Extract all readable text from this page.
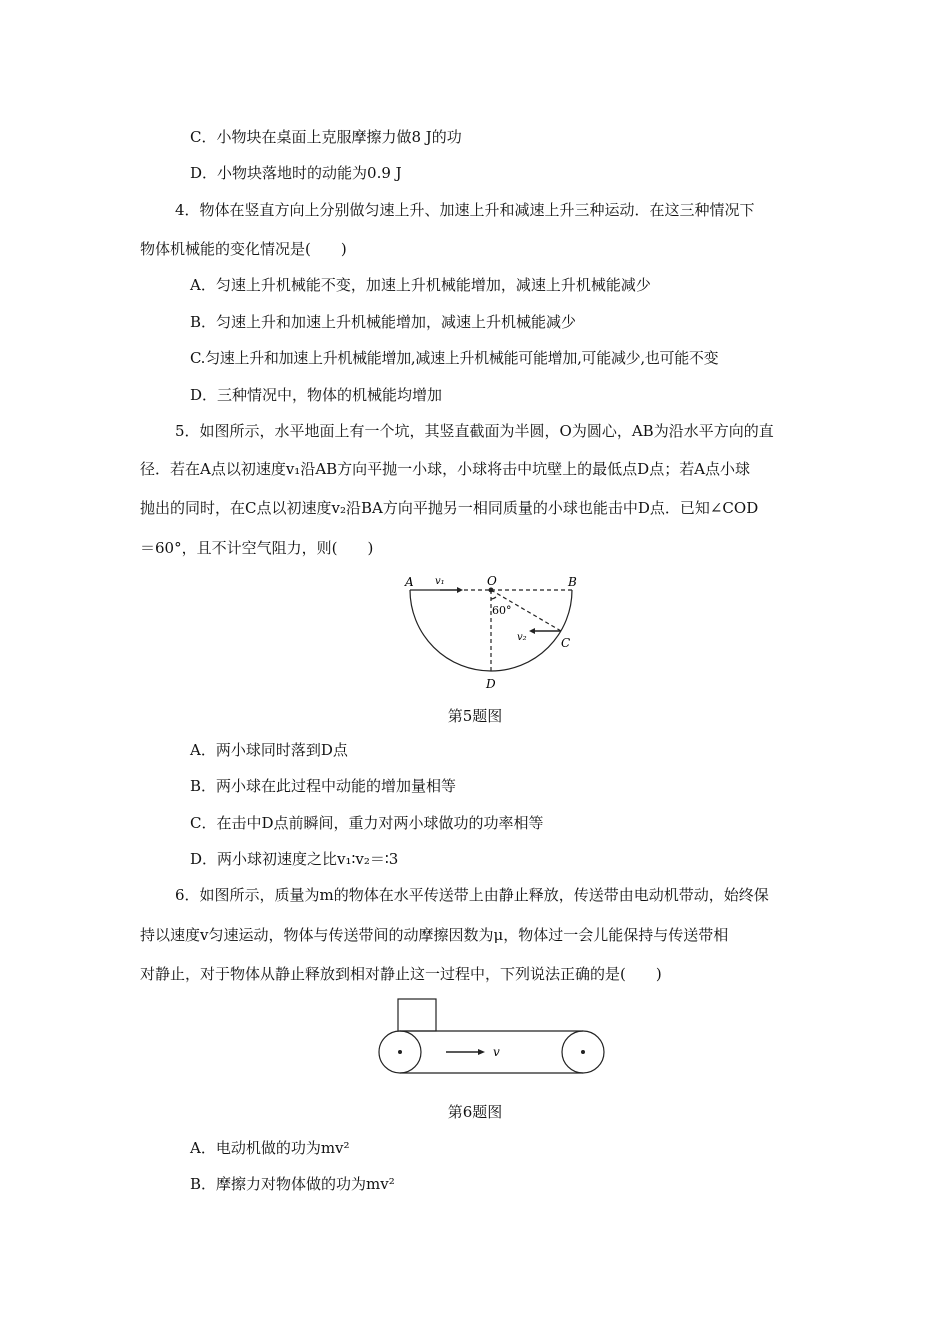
C．小物块在桌面上克服摩擦力做8 J的功
D．小物块落地时的动能为0.9 J
4．物体在竖直方向上分别做匀速上升、加速上升和减速上升三种运动．在这三种情况下
物体机械能的变化情况是(　　)
A．匀速上升机械能不变，加速上升机械能增加，减速上升机械能减少
B．匀速上升和加速上升机械能增加，减速上升机械能减少
C.匀速上升和加速上升机械能增加,减速上升机械能可能增加,可能减少,也可能不变
D．三种情况中，物体的机械能均增加
5．如图所示，水平地面上有一个坑，其竖直截面为半圆，O为圆心，AB为沿水平方向的直
径．若在A点以初速度v₁沿AB方向平抛一小球，小球将击中坑壁上的最低点D点；若A点小球
抛出的同时，在C点以初速度v₂沿BA方向平抛另一相同质量的小球也能击中D点．已知∠COD
＝60°，且不计空气阻力，则(　　)
A v₁	O	B
60°
v₂	C
D
第5题图
A．两小球同时落到D点
B．两小球在此过程中动能的增加量相等
C．在击中D点前瞬间，重力对两小球做功的功率相等
D．两小球初速度之比v₁∶v₂＝∶3
6．如图所示，质量为m的物体在水平传送带上由静止释放，传送带由电动机带动，始终保
持以速度v匀速运动，物体与传送带间的动摩擦因数为μ，物体过一会儿能保持与传送带相
对静止，对于物体从静止释放到相对静止这一过程中，下列说法正确的是(　　)
v
第6题图
A．电动机做的功为mv²
B．摩擦力对物体做的功为mv²
